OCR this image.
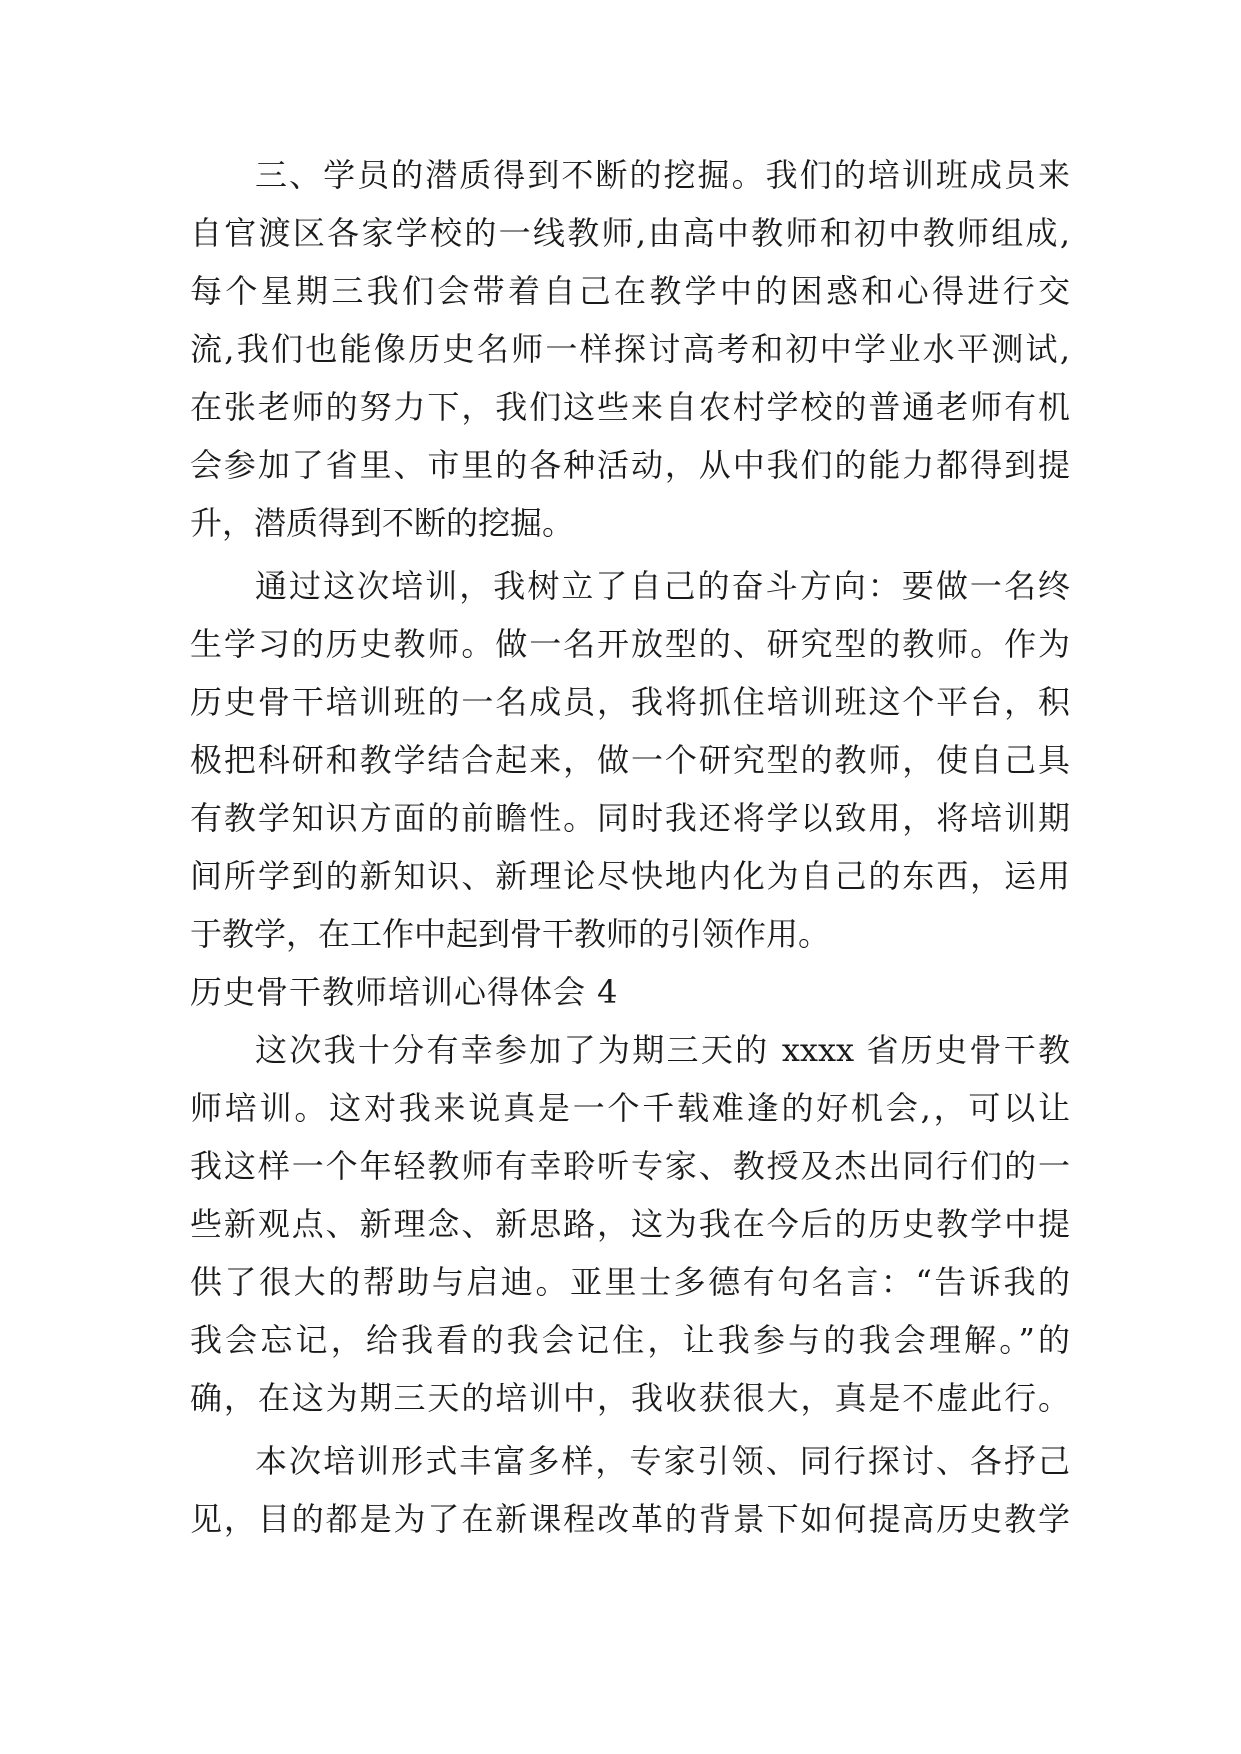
三、学员的潜质得到不断的挖掘。我们的培训班成员来
自官渡区各家学校的一线教师,由高中教师和初中教师组成,
每个星期三我们会带着自己在教学中的困惑和心得进行交
流,我们也能像历史名师一样探讨高考和初中学业水平测试,
在张老师的努力下，我们这些来自农村学校的普通老师有机
会参加了省里、市里的各种活动，从中我们的能力都得到提
升，潜质得到不断的挖掘。
通过这次培训，我树立了自己的奋斗方向：要做一名终
生学习的历史教师。做一名开放型的、研究型的教师。作为
历史骨干培训班的一名成员，我将抓住培训班这个平台，积
极把科研和教学结合起来，做一个研究型的教师，使自己具
有教学知识方面的前瞻性。同时我还将学以致用，将培训期
间所学到的新知识、新理论尽快地内化为自己的东西，运用
于教学，在工作中起到骨干教师的引领作用。
历史骨干教师培训心得体会 4
这次我十分有幸参加了为期三天的 xxxx 省历史骨干教
师培训。这对我来说真是一个千载难逢的好机会,，可以让
我这样一个年轻教师有幸聆听专家、教授及杰出同行们的一
些新观点、新理念、新思路，这为我在今后的历史教学中提
供了很大的帮助与启迪。亚里士多德有句名言：“告诉我的
我会忘记，给我看的我会记住，让我参与的我会理解。”的
确，在这为期三天的培训中，我收获很大，真是不虚此行。
本次培训形式丰富多样，专家引领、同行探讨、各抒己
见，目的都是为了在新课程改革的背景下如何提高历史教学
